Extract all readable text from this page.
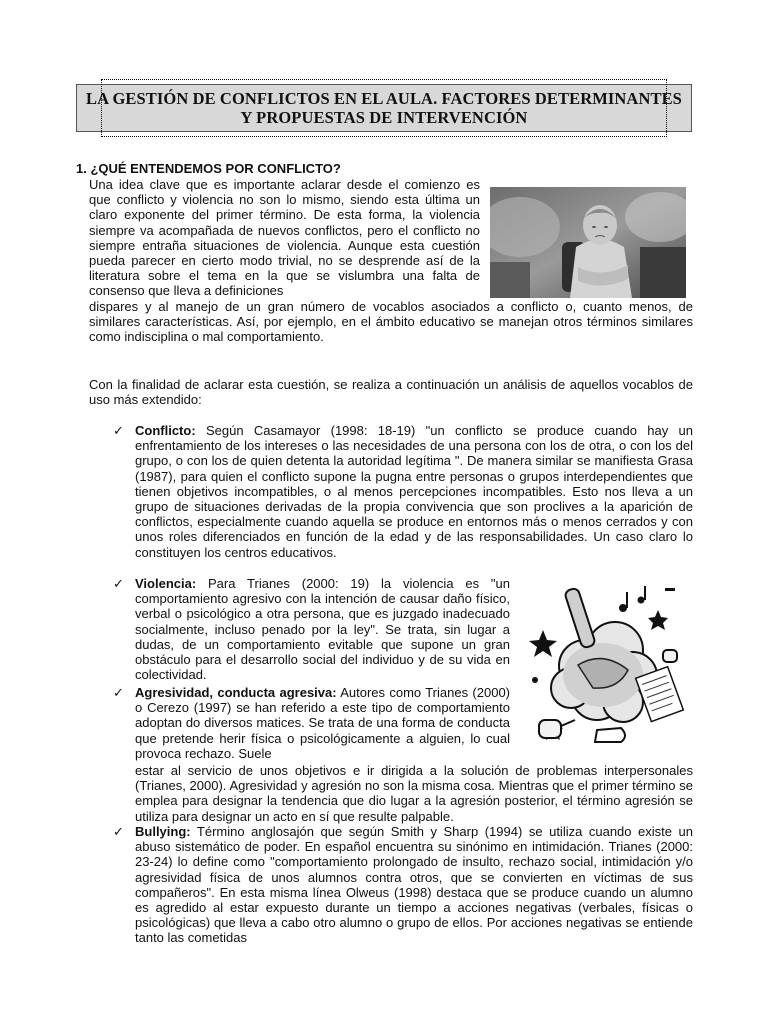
LA GESTIÓN DE CONFLICTOS EN EL AULA. FACTORES DETERMINANTES
Y PROPUESTAS DE INTERVENCIÓN
1. ¿QUÉ ENTENDEMOS POR CONFLICTO?

Una idea clave que es importante aclarar desde el comienzo es que conflicto y violencia no son lo mismo, siendo esta última un claro exponente del primer término. De esta forma, la violencia siempre va acompañada de nuevos conflictos, pero el conflicto no siempre entraña situaciones de violencia. Aunque esta cuestión pueda parecer en cierto modo trivial, no se desprende así de la literatura sobre el tema en la que se vislumbra una falta de consenso que lleva a definiciones

dispares y al manejo de un gran número de vocablos asociados a conflicto o, cuanto menos, de similares características. Así, por ejemplo, en el ámbito educativo se manejan otros términos similares como indisciplina o mal comportamiento.

Con la finalidad de aclarar esta cuestión, se realiza a continuación un análisis de aquellos vocablos de uso más extendido:

✓ Conflicto: Según Casamayor (1998: 18-19) "un conflicto se produce cuando hay un enfrentamiento de los intereses o las necesidades de una persona con los de otra, o con los del grupo, o con los de quien detenta la autoridad legítima ". De manera similar se manifiesta Grasa (1987), para quien el conflicto supone la pugna entre personas o grupos interdependientes que tienen objetivos incompatibles, o al menos percepciones incompatibles. Esto nos lleva a un grupo de situaciones derivadas de la propia convivencia que son proclives a la aparición de conflictos, especialmente cuando aquella se produce en entornos más o menos cerrados y con unos roles diferenciados en función de la edad y de las responsabilidades. Un caso claro lo constituyen los centros educativos.

✓ Violencia: Para Trianes (2000: 19) la violencia es "un comportamiento agresivo con la intención de causar daño físico, verbal o psicológico a otra persona, que es juzgado inadecuado socialmente, incluso penado por la ley". Se trata, sin lugar a dudas, de un comportamiento evitable que supone un gran obstáculo para el desarrollo social del individuo y de su vida en colectividad.

✓ Agresividad, conducta agresiva: Autores como Trianes (2000) o Cerezo (1997) se han referido a este tipo de comportamiento adoptan do diversos matices. Se trata de una forma de conducta que pretende herir física o psicológicamente a alguien, lo cual provoca rechazo. Suele

estar al servicio de unos objetivos e ir dirigida a la solución de problemas interpersonales (Trianes, 2000). Agresividad y agresión no son la misma cosa. Mientras que el primer término se emplea para designar la tendencia que dio lugar a la agresión posterior, el término agresión se utiliza para designar un acto en sí que resulte palpable.

✓ Bullying: Término anglosajón que según Smith y Sharp (1994) se utiliza cuando existe un abuso sistemático de poder. En español encuentra su sinónimo en intimidación. Trianes (2000: 23-24) lo define como "comportamiento prolongado de insulto, rechazo social, intimidación y/o agresividad física de unos alumnos contra otros, que se convierten en víctimas de sus compañeros". En esta misma línea Olweus (1998) destaca que se produce cuando un alumno es agredido al estar expuesto durante un tiempo a acciones negativas (verbales, físicas o psicológicas) que lleva a cabo otro alumno o grupo de ellos. Por acciones negativas se entiende tanto las cometidas
